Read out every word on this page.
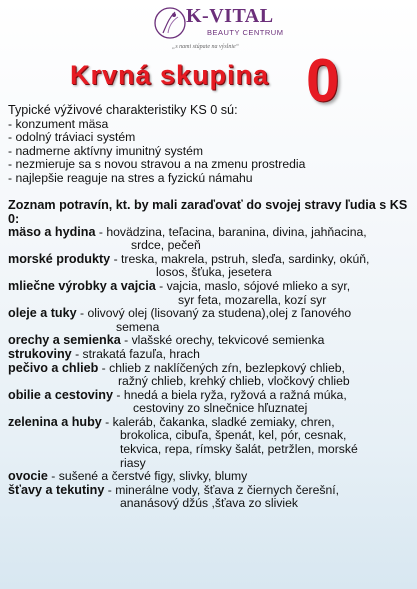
K-VITAL
BEAUTY CENTRUM
„s nami stúpate na výslnie“
Krvná skupina 0
Typické výživové charakteristiky KS 0 sú:
- konzument mäsa
- odolný tráviaci systém
- nadmerne aktívny imunitný systém
- nezmieruje sa s novou stravou a na zmenu prostredia
- najlepšie reaguje na stres a fyzickú námahu
Zoznam potravín, kt. by mali zaraďovať do svojej stravy ľudia s KS 0:
mäso a hydina - hovädzina, teľacina, baranina, divina, jahňacina,
srdce, pečeň
morské produkty - treska, makrela, pstruh, sleďa, sardinky, okúň,
losos, šťuka, jesetera
mliečne výrobky a vajcia - vajcia, maslo, sójové mlieko a syr,
syr feta, mozarella, kozí syr
oleje a tuky - olivový olej (lisovaný za studena),olej z ľanového
semena
orechy a semienka - vlašské orechy, tekvicové semienka
strukoviny - strakatá fazuľa, hrach
pečivo a chlieb - chlieb z naklíčených zŕn, bezlepkový chlieb,
ražný chlieb, krehký chlieb, vločkový chlieb
obilie a cestoviny - hnedá a biela ryža, ryžová a ražná múka,
cestoviny zo slnečnice hľuznatej
zelenina a huby - kaleráb, čakanka, sladké zemiaky, chren,
brokolica, cibuľa, špenát, kel, pór, cesnak,
tekvica, repa, rímsky šalát, petržlen, morské
riasy
ovocie - sušené a čerstvé figy, slivky, blumy
šťavy a tekutiny - minerálne vody, šťava z čiernych čerešní,
ananásový džús ,šťava zo sliviek
